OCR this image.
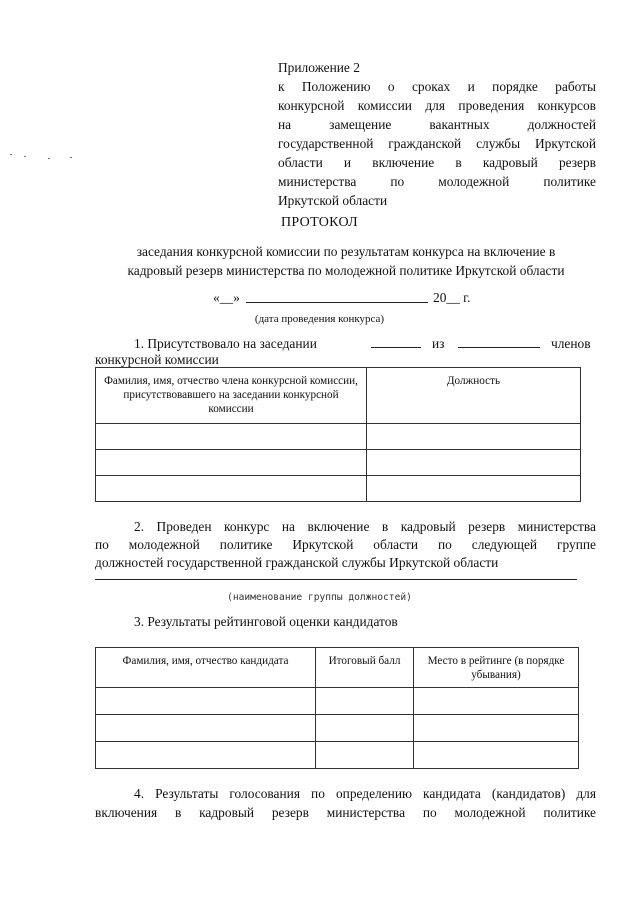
Приложение 2
к Положению о сроках и порядке работы
конкурсной комиссии для проведения конкурсов
на замещение вакантных должностей
государственной гражданской службы Иркутской
области и включение в кадровый резерв
министерства по молодежной политике
Иркутской области
ПРОТОКОЛ
заседания конкурсной комиссии по результатам конкурса на включение в
кадровый резерв министерства по молодежной политике Иркутской области
«__»	20__ г.
(дата проведения конкурса)
1. Присутствовало на заседании	из	членов
конкурсной комиссии
Фамилия, имя, отчество члена конкурсной комиссии, присутствовавшего на заседании конкурсной комиссии	Должность

2. Проведен конкурс на включение в кадровый резерв министерства
по молодежной политике Иркутской области по следующей группе
должностей государственной гражданской службы Иркутской области
(наименование группы должностей)
3. Результаты рейтинговой оценки кандидатов
Фамилия, имя, отчество кандидата	Итоговый балл	Место в рейтинге (в порядке убывания)

4. Результаты голосования по определению кандидата (кандидатов) для
включения в кадровый резерв министерства по молодежной политике
